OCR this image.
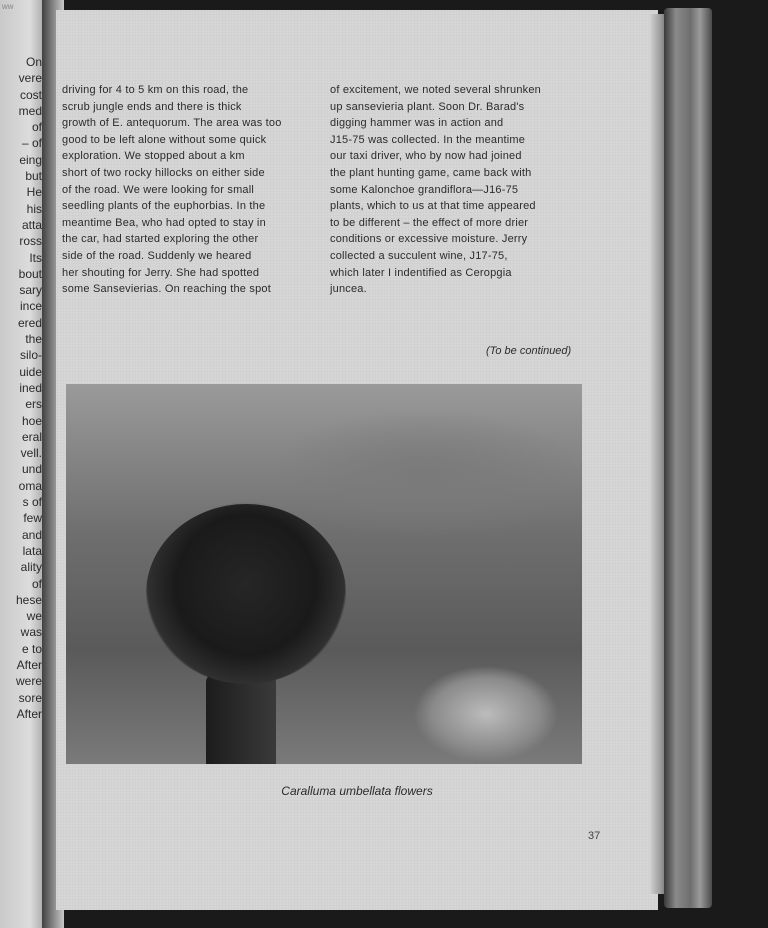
On
vere
cost
med
of
– of
eing
but
He
his
atta
ross
Its
bout
sary
ince
ered
the
silo-
uide
ined
ers
hoe
eral
vell.
und
oma
s of
few
and
lata
ality
of
hese
we
was
e to
After
were
sore
After
driving for 4 to 5 km on this road, the
scrub jungle ends and there is thick
growth of E. antequorum. The area was too
good to be left alone without some quick
exploration. We stopped about a km
short of two rocky hillocks on either side
of the road. We were looking for small
seedling plants of the euphorbias. In the
meantime Bea, who had opted to stay in
the car, had started exploring the other
side of the road. Suddenly we heared
her shouting for Jerry. She had spotted
some Sansevierias. On reaching the spot
of excitement, we noted several shrunken
up sansevieria plant. Soon Dr. Barad's
digging hammer was in action and
J15-75 was collected. In the meantime
our taxi driver, who by now had joined
the plant hunting game, came back with
some Kalonchoe grandiflora—J16-75
plants, which to us at that time appeared
to be different – the effect of more drier
conditions or excessive moisture. Jerry
collected a succulent wine, J17-75,
which later I indentified as Ceropgia
juncea.
(To be continued)
Caralluma umbellata flowers
37
ww
